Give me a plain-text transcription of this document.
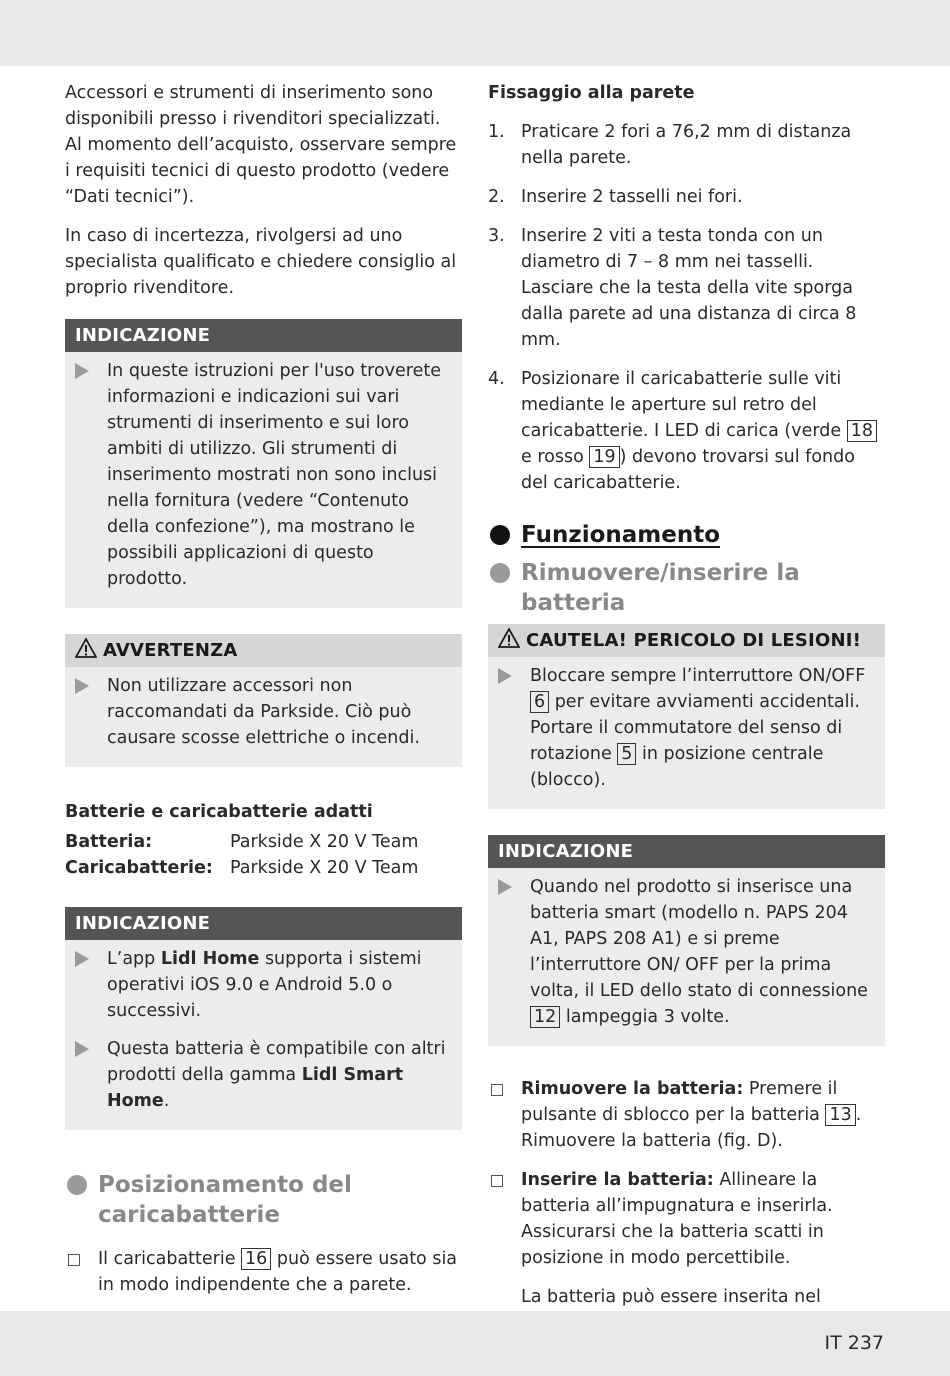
Accessori e strumenti di inserimento sono disponibili presso i rivenditori specializzati. Al momento dell’acquisto, osservare sempre i requisiti tecnici di questo prodotto (vedere “Dati tecnici”).

In caso di incertezza, rivolgersi ad uno specialista qualificato e chiedere consiglio al proprio rivenditore.

INDICAZIONE
In queste istruzioni per l'uso troverete informazioni e indicazioni sui vari strumenti di inserimento e sui loro ambiti di utilizzo. Gli strumenti di inserimento mostrati non sono inclusi nella fornitura (vedere “Contenuto della confezione”), ma mostrano le possibili applicazioni di questo prodotto.
AVVERTENZA
Non utilizzare accessori non raccomandati da Parkside. Ciò può causare scosse elettriche o incendi.
Batterie e caricabatterie adatti
Batteria:	Parkside X 20 V Team
Caricabatterie: Parkside X 20 V Team
INDICAZIONE
L’app Lidl Home supporta i sistemi operativi iOS 9.0 e Android 5.0 o successivi.
Questa batteria è compatibile con altri prodotti della gamma Lidl Smart Home.
Posizionamento del caricabatterie
Il caricabatterie 16 può essere usato sia in modo indipendente che a parete.
Fissaggio alla parete
1. Praticare 2 fori a 76,2 mm di distanza nella parete.
2. Inserire 2 tasselli nei fori.
3. Inserire 2 viti a testa tonda con un diametro di 7 – 8 mm nei tasselli. Lasciare che la testa della vite sporga dalla parete ad una distanza di circa 8 mm.
4. Posizionare il caricabatterie sulle viti mediante le aperture sul retro del caricabatterie. I LED di carica (verde 18 e rosso 19 ) devono trovarsi sul fondo del caricabatterie.
Funzionamento
Rimuovere/inserire la batteria
CAUTELA! PERICOLO DI LESIONI!
Bloccare sempre l’interruttore ON/OFF 6 per evitare avviamenti accidentali. Portare il commutatore del senso di rotazione 5 in posizione centrale (blocco).
INDICAZIONE
Quando nel prodotto si inserisce una batteria smart (modello n. PAPS 204 A1, PAPS 208 A1) e si preme l’interruttore ON/ OFF per la prima volta, il LED dello stato di connessione 12 lampeggia 3 volte.
Rimuovere la batteria: Premere il pulsante di sblocco per la batteria 13 . Rimuovere la batteria (fig. D).
Inserire la batteria: Allineare la batteria all’impugnatura e inserirla. Assicurarsi che la batteria scatti in posizione in modo percettibile.

La batteria può essere inserita nel

IT 237
